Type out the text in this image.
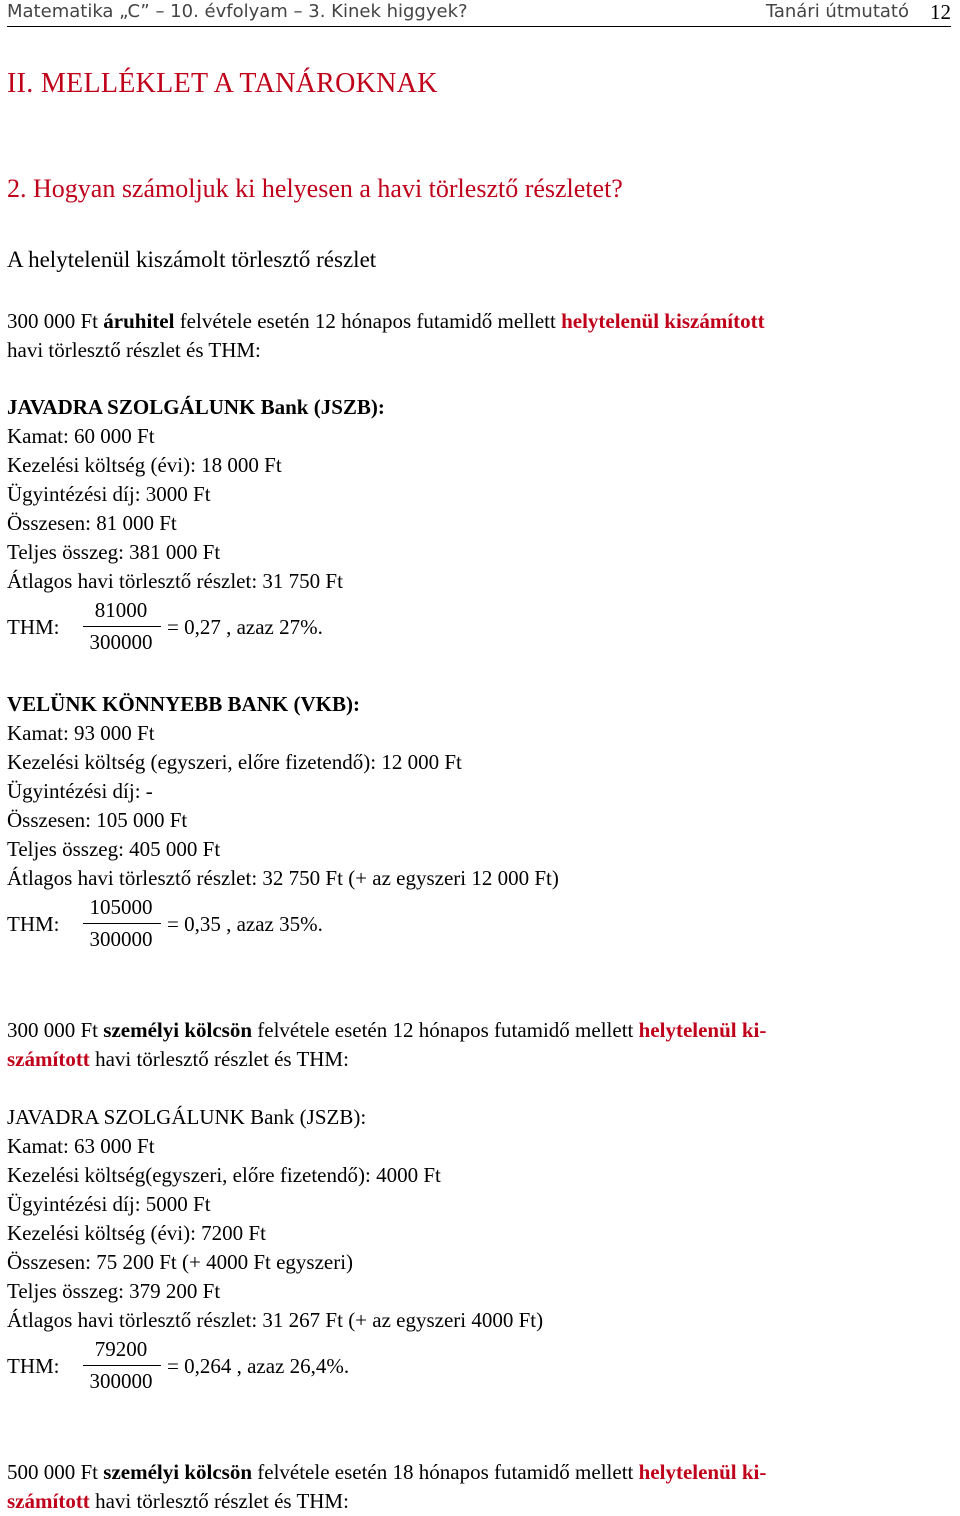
Matematika „C” – 10. évfolyam – 3. Kinek higgyek?	Tanári útmutató 12
II. MELLÉKLET A TANÁROKNAK
2. Hogyan számoljuk ki helyesen a havi törlesztő részletet?
A helytelenül kiszámolt törlesztő részlet
300 000 Ft áruhitel felvétele esetén 12 hónapos futamidő mellett helytelenül kiszámított
havi törlesztő részlet és THM:
JAVADRA SZOLGÁLUNK Bank (JSZB):
Kamat: 60 000 Ft
Kezelési költség (évi): 18 000 Ft
Ügyintézési díj: 3000 Ft
Összesen: 81 000 Ft
Teljes összeg: 381 000 Ft
Átlagos havi törlesztő részlet: 31 750 Ft
THM:
81000
300000
= 0,27 , azaz 27%.
VELÜNK KÖNNYEBB BANK (VKB):
Kamat: 93 000 Ft
Kezelési költség (egyszeri, előre fizetendő): 12 000 Ft
Ügyintézési díj: -
Összesen: 105 000 Ft
Teljes összeg: 405 000 Ft
Átlagos havi törlesztő részlet: 32 750 Ft (+ az egyszeri 12 000 Ft)
THM:
105000
300000
= 0,35 , azaz 35%.
300 000 Ft személyi kölcsön felvétele esetén 12 hónapos futamidő mellett helytelenül ki-
számított havi törlesztő részlet és THM:
JAVADRA SZOLGÁLUNK Bank (JSZB):
Kamat: 63 000 Ft
Kezelési költség(egyszeri, előre fizetendő): 4000 Ft
Ügyintézési díj: 5000 Ft
Kezelési költség (évi): 7200 Ft
Összesen: 75 200 Ft (+ 4000 Ft egyszeri)
Teljes összeg: 379 200 Ft
Átlagos havi törlesztő részlet: 31 267 Ft (+ az egyszeri 4000 Ft)
THM:
79200
300000
= 0,264 , azaz 26,4%.
500 000 Ft személyi kölcsön felvétele esetén 18 hónapos futamidő mellett helytelenül ki-
számított havi törlesztő részlet és THM:
